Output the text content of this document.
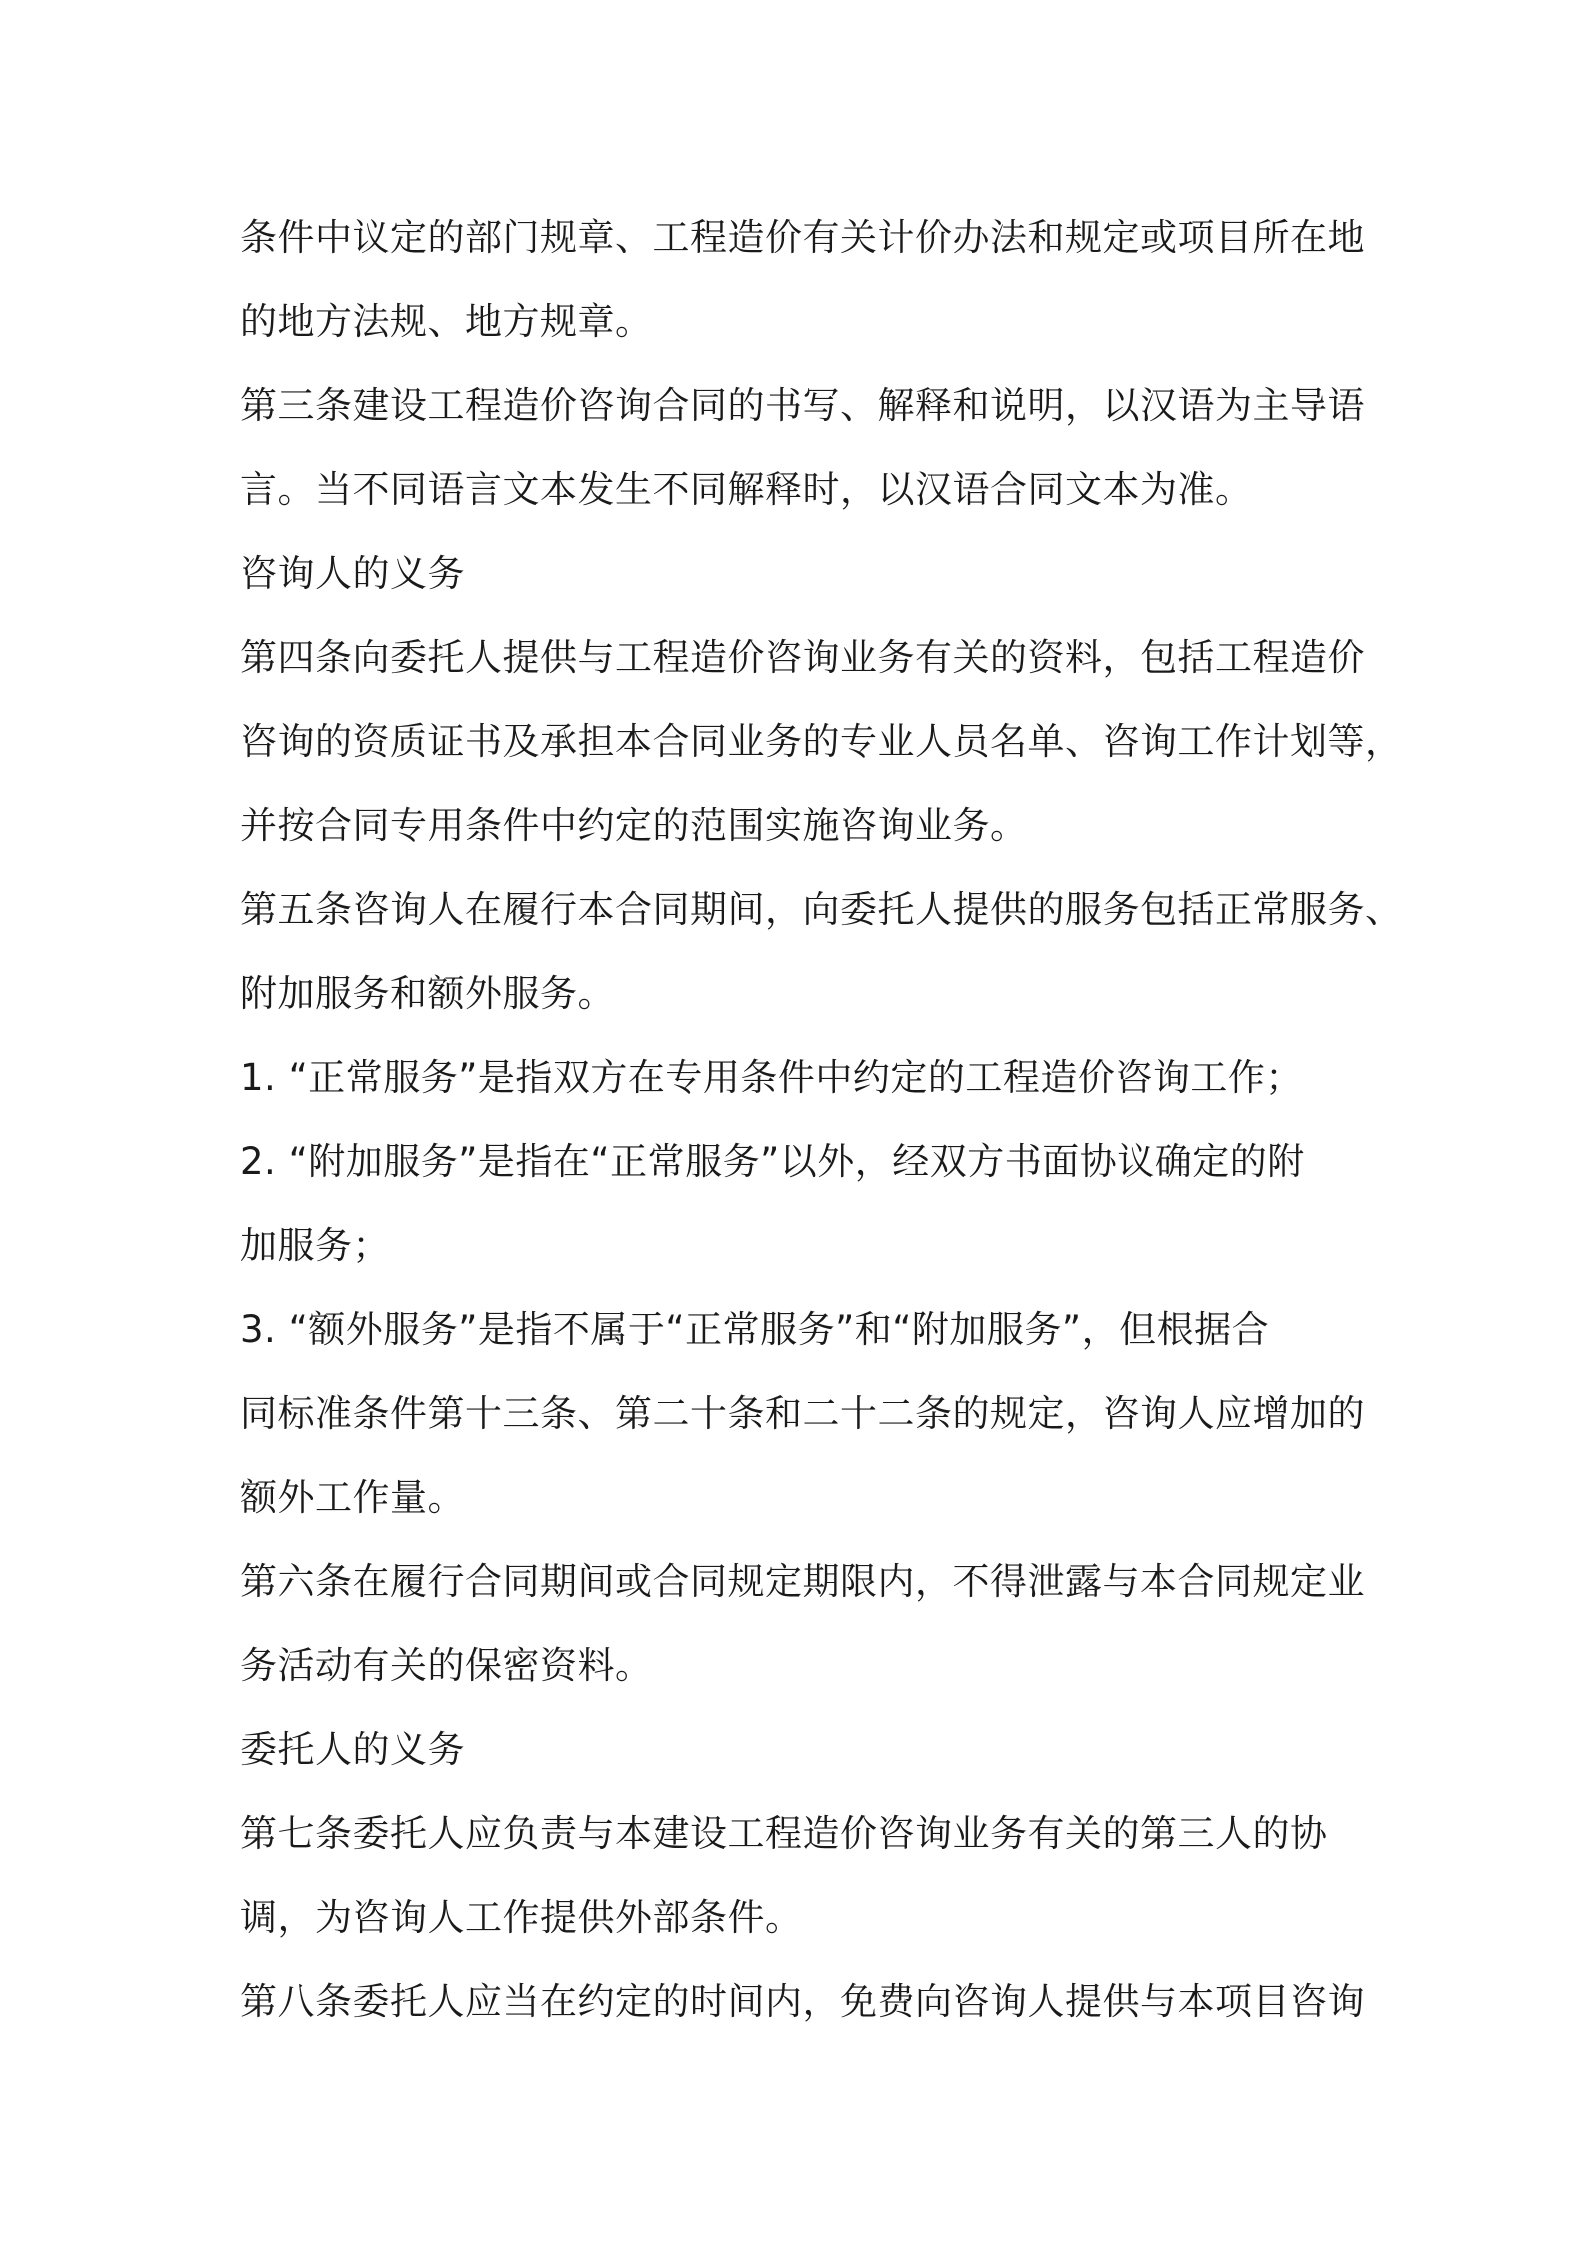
条件中议定的部门规章、工程造价有关计价办法和规定或项目所在地
的地方法规、地方规章。
第三条建设工程造价咨询合同的书写、解释和说明，以汉语为主导语
言。当不同语言文本发生不同解释时，以汉语合同文本为准。
咨询人的义务
第四条向委托人提供与工程造价咨询业务有关的资料，包括工程造价
咨询的资质证书及承担本合同业务的专业人员名单、咨询工作计划等，
并按合同专用条件中约定的范围实施咨询业务。
第五条咨询人在履行本合同期间，向委托人提供的服务包括正常服务、
附加服务和额外服务。
1. “正常服务”是指双方在专用条件中约定的工程造价咨询工作；
2. “附加服务”是指在“正常服务”以外，经双方书面协议确定的附
加服务；
3. “额外服务”是指不属于“正常服务”和“附加服务”，但根据合
同标准条件第十三条、第二十条和二十二条的规定，咨询人应增加的
额外工作量。
第六条在履行合同期间或合同规定期限内，不得泄露与本合同规定业
务活动有关的保密资料。
委托人的义务
第七条委托人应负责与本建设工程造价咨询业务有关的第三人的协
调，为咨询人工作提供外部条件。
第八条委托人应当在约定的时间内，免费向咨询人提供与本项目咨询
